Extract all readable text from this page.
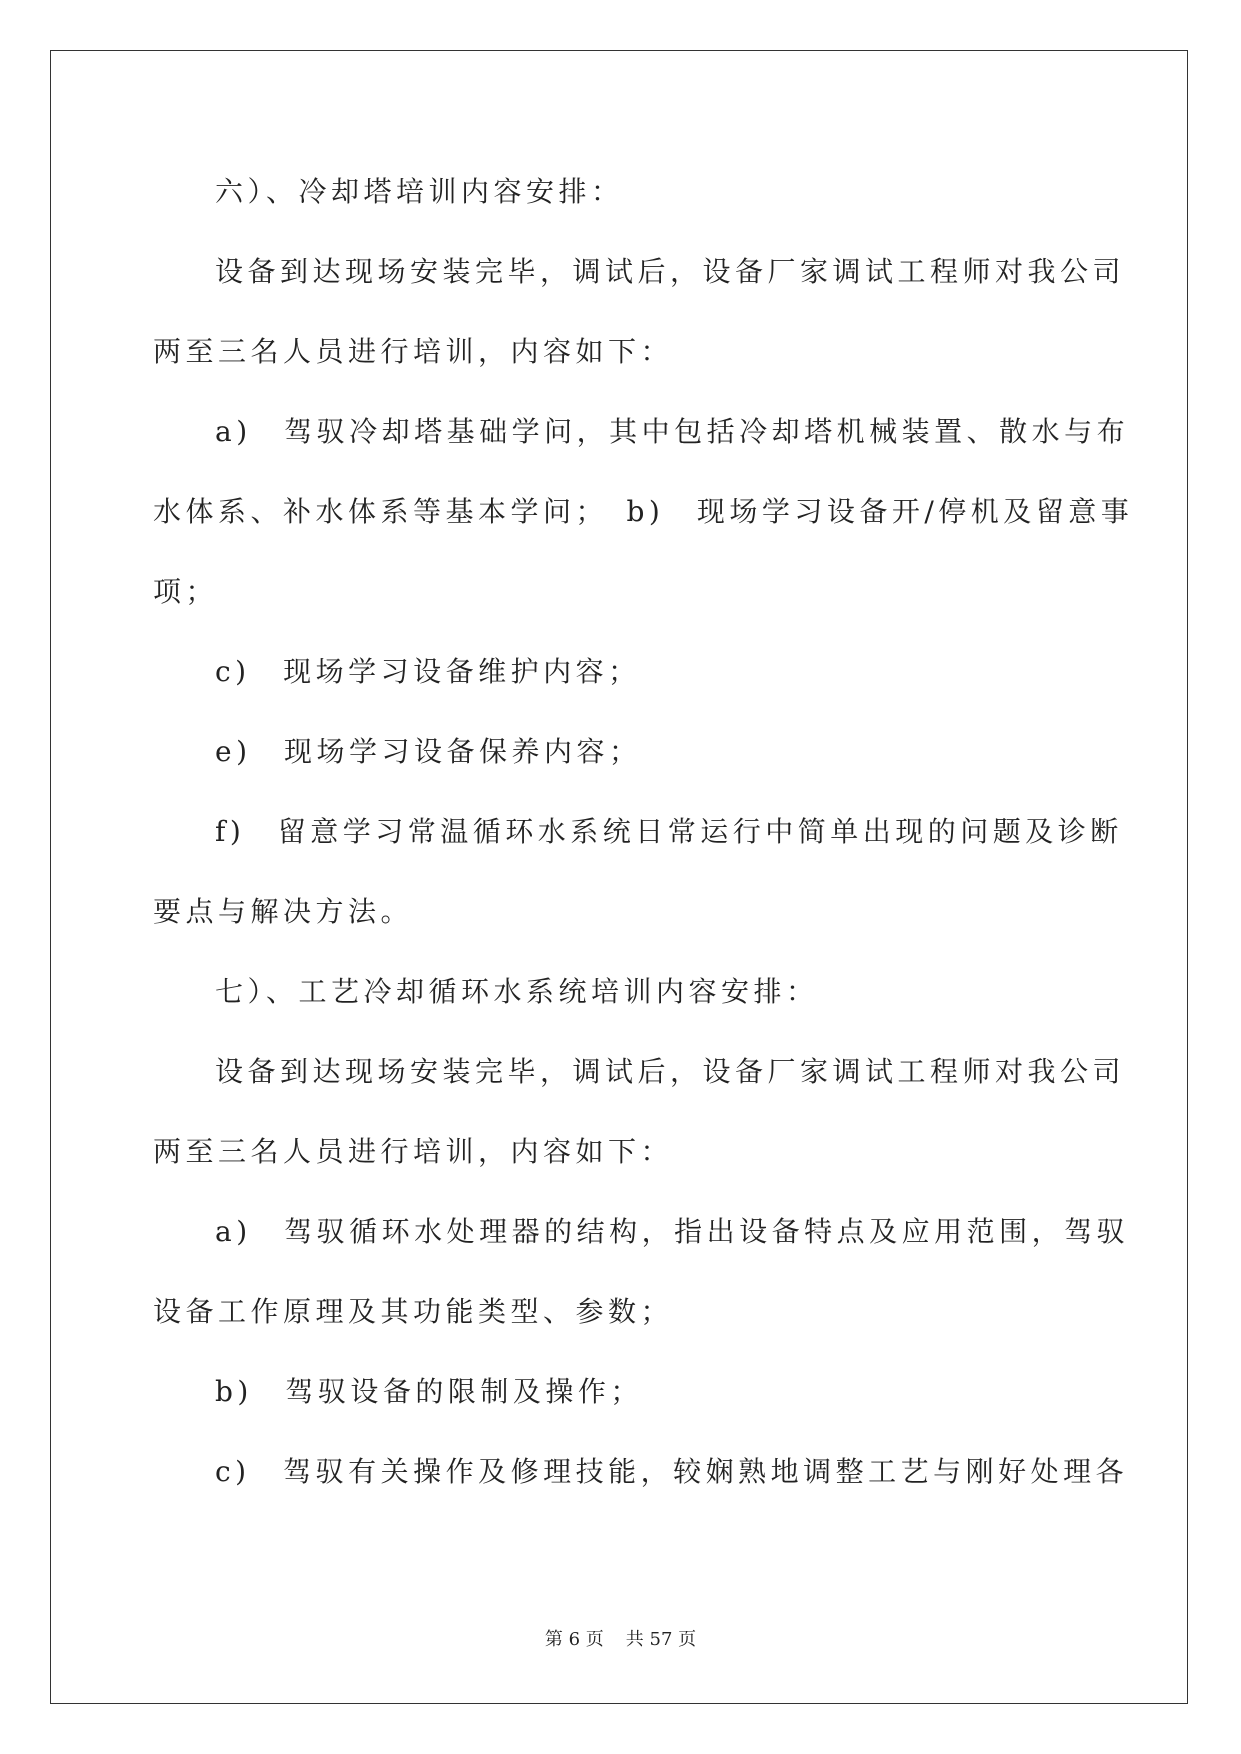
六）、冷却塔培训内容安排：
设备到达现场安装完毕，调试后，设备厂家调试工程师对我公司
两至三名人员进行培训，内容如下：
a)　驾驭冷却塔基础学问，其中包括冷却塔机械装置、散水与布
水体系、补水体系等基本学问；　b)　现场学习设备开/停机及留意事
项；
c)　现场学习设备维护内容；
e)　现场学习设备保养内容；
f)　留意学习常温循环水系统日常运行中简单出现的问题及诊断
要点与解决方法。
七）、工艺冷却循环水系统培训内容安排：
设备到达现场安装完毕，调试后，设备厂家调试工程师对我公司
两至三名人员进行培训，内容如下：
a)　驾驭循环水处理器的结构，指出设备特点及应用范围，驾驭
设备工作原理及其功能类型、参数；
b)　驾驭设备的限制及操作；
c)　驾驭有关操作及修理技能，较娴熟地调整工艺与刚好处理各
第 6 页 共 57 页
